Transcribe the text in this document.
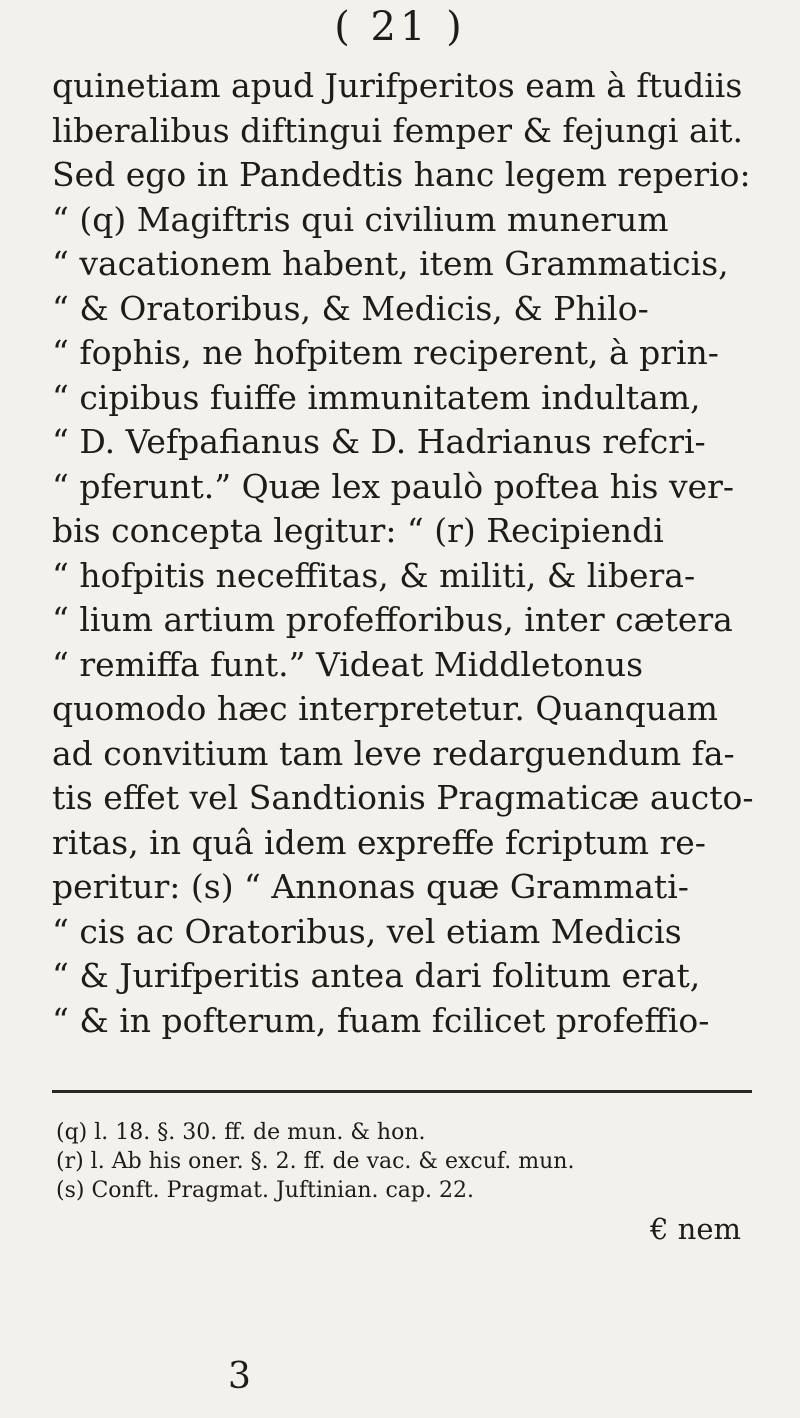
( 21 )
quinetiam apud Jurifperitos eam à ftudiis
liberalibus diftingui femper & fejungi ait.
Sed ego in Pandedtis hanc legem reperio:
“ (q) Magiftris qui civilium munerum
“ vacationem habent, item Grammaticis,
“ & Oratoribus, & Medicis, & Philo-
“ fophis, ne hofpitem reciperent, à prin-
“ cipibus fuiffe immunitatem indultam,
“ D. Vefpafianus & D. Hadrianus refcri-
“ pferunt.” Quæ lex paulò poftea his ver-
bis concepta legitur: “ (r) Recipiendi
“ hofpitis neceffitas, & militi, & libera-
“ lium artium profefforibus, inter cætera
“ remiffa funt.” Videat Middletonus
quomodo hæc interpretetur. Quanquam
ad convitium tam leve redarguendum fa-
tis effet vel Sandtionis Pragmaticæ aucto-
ritas, in quâ idem expreffe fcriptum re-
peritur: (s) “ Annonas quæ Grammati-
“ cis ac Oratoribus, vel etiam Medicis
“ & Jurifperitis antea dari folitum erat,
“ & in pofterum, fuam fcilicet profeffio-
(q) l. 18. §. 30. ff. de mun. & hon.
(r) l. Ab his oner. §. 2. ff. de vac. & excuf. mun.
(s) Conft. Pragmat. Juftinian. cap. 22.
€ nem
3
